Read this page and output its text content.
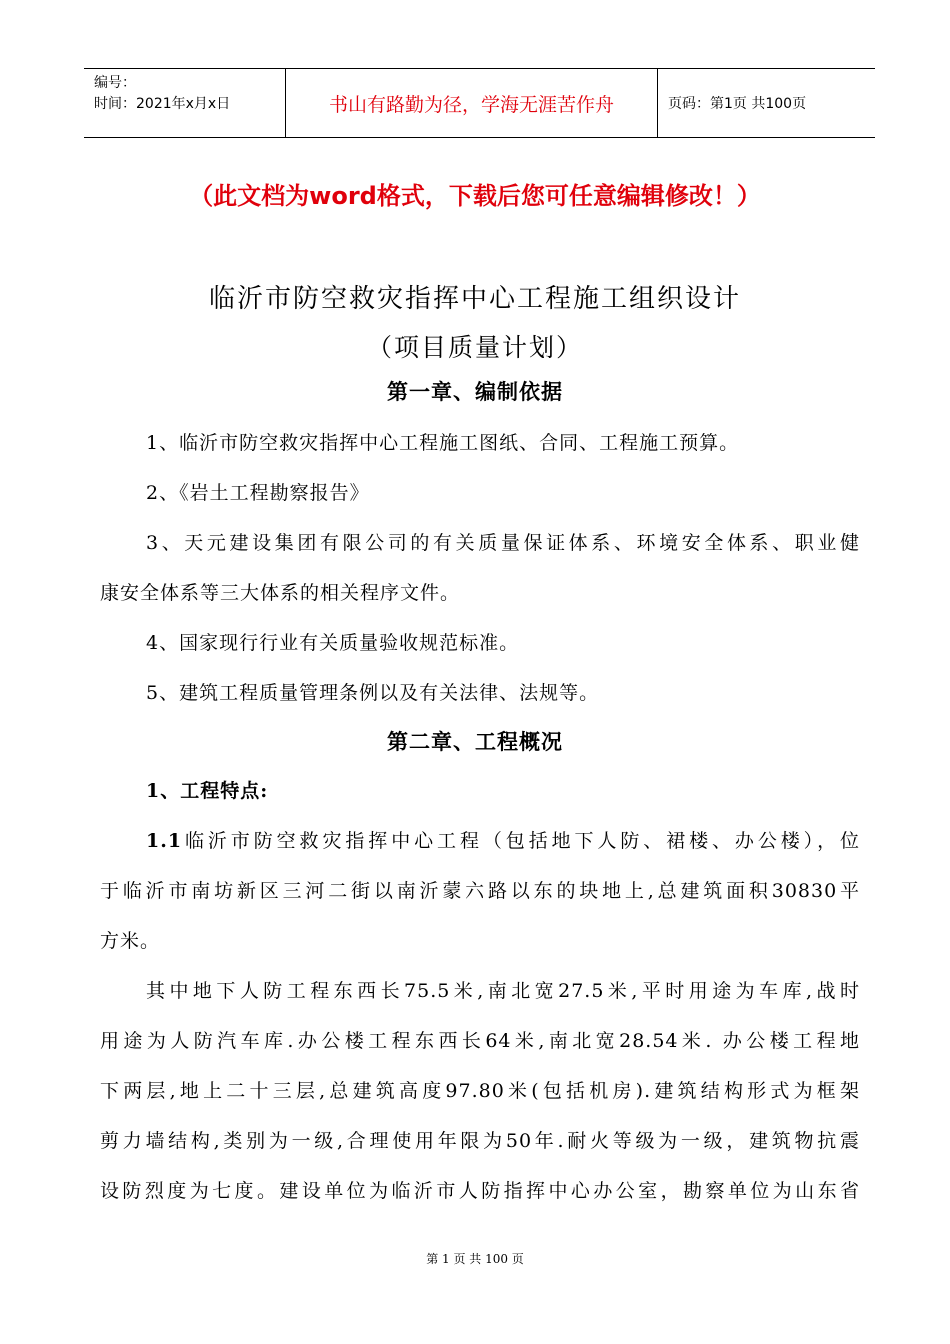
编号：
时间：2021年x月x日	书山有路勤为径，学海无涯苦作舟	页码：第1页 共100页
（此文档为word格式，下载后您可任意编辑修改！）
临沂市防空救灾指挥中心工程施工组织设计
（项目质量计划）
第一章、编制依据
1、临沂市防空救灾指挥中心工程施工图纸、合同、工程施工预算。
2、《岩土工程勘察报告》
3、天元建设集团有限公司的有关质量保证体系、环境安全体系、职业健
康安全体系等三大体系的相关程序文件。
4、国家现行行业有关质量验收规范标准。
5、建筑工程质量管理条例以及有关法律、法规等。
第二章、工程概况
1、工程特点:
1.1临沂市防空救灾指挥中心工程（包括地下人防、裙楼、办公楼），位
于临沂市南坊新区三河二街以南沂蒙六路以东的块地上,总建筑面积30830平
方米。
其中地下人防工程东西长75.5米,南北宽27.5米,平时用途为车库,战时
用途为人防汽车库.办公楼工程东西长64米,南北宽28.54米. 办公楼工程地
下两层,地上二十三层,总建筑高度97.80米(包括机房).建筑结构形式为框架
剪力墙结构,类别为一级,合理使用年限为50年.耐火等级为一级，建筑物抗震
设防烈度为七度。建设单位为临沂市人防指挥中心办公室，勘察单位为山东省
第 1 页 共 100 页
